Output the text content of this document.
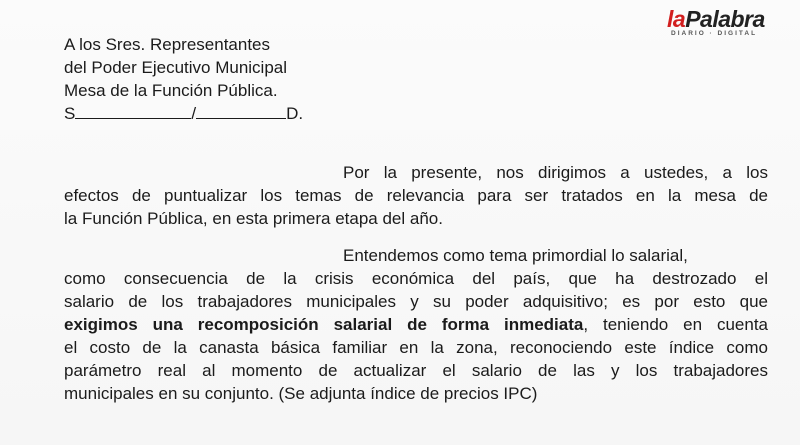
laPalabra
DIARIO · DIGITAL
A los Sres. Representantes
del Poder Ejecutivo Municipal
Mesa de la Función Pública.
S	/	D.
Por la presente, nos dirigimos a ustedes, a los
efectos de puntualizar los temas de relevancia para ser tratados en la mesa de
la Función Pública, en esta primera etapa del año.
Entendemos como tema primordial lo salarial,
como consecuencia de la crisis económica del país, que ha destrozado el
salario de los trabajadores municipales y su poder adquisitivo; es por esto que
exigimos una recomposición salarial de forma inmediata, teniendo en cuenta
el costo de la canasta básica familiar en la zona, reconociendo este índice como
parámetro real al momento de actualizar el salario de las y los trabajadores
municipales en su conjunto. (Se adjunta índice de precios IPC)
